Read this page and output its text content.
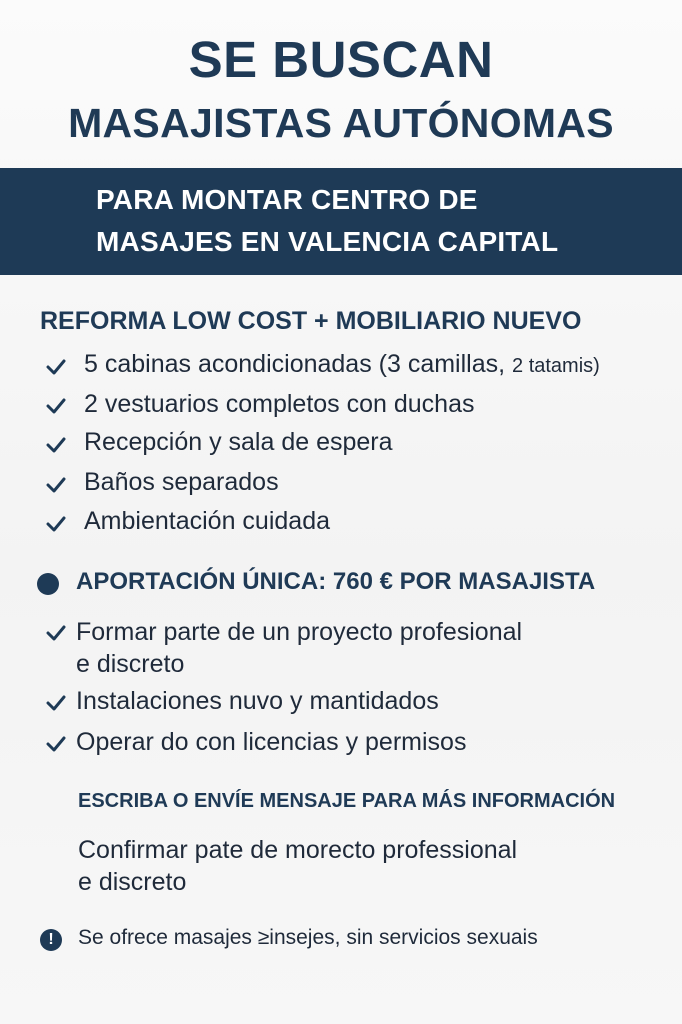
SE BUSCAN
MASAJISTAS AUTÓNOMAS
PARA MONTAR CENTRO DE
MASAJES EN VALENCIA CAPITAL
REFORMA LOW COST + MOBILIARIO NUEVO
5 cabinas acondicionadas (3 camillas, 2 tatamis)
2 vestuarios completos con duchas
Recepción y sala de espera
Baños separados
Ambientación cuidada
APORTACIÓN ÚNICA: 760 € POR MASAJISTA
Formar parte de un proyecto profesional
e discreto
Instalaciones nuvo y mantidados
Operar do con licencias y permisos
ESCRIBA O ENVÍE MENSAJE PARA MÁS INFORMACIÓN
Confirmar pate de morecto professional
e discreto
!	Se ofrece masajes ≥insejes, sin servicios sexuais
